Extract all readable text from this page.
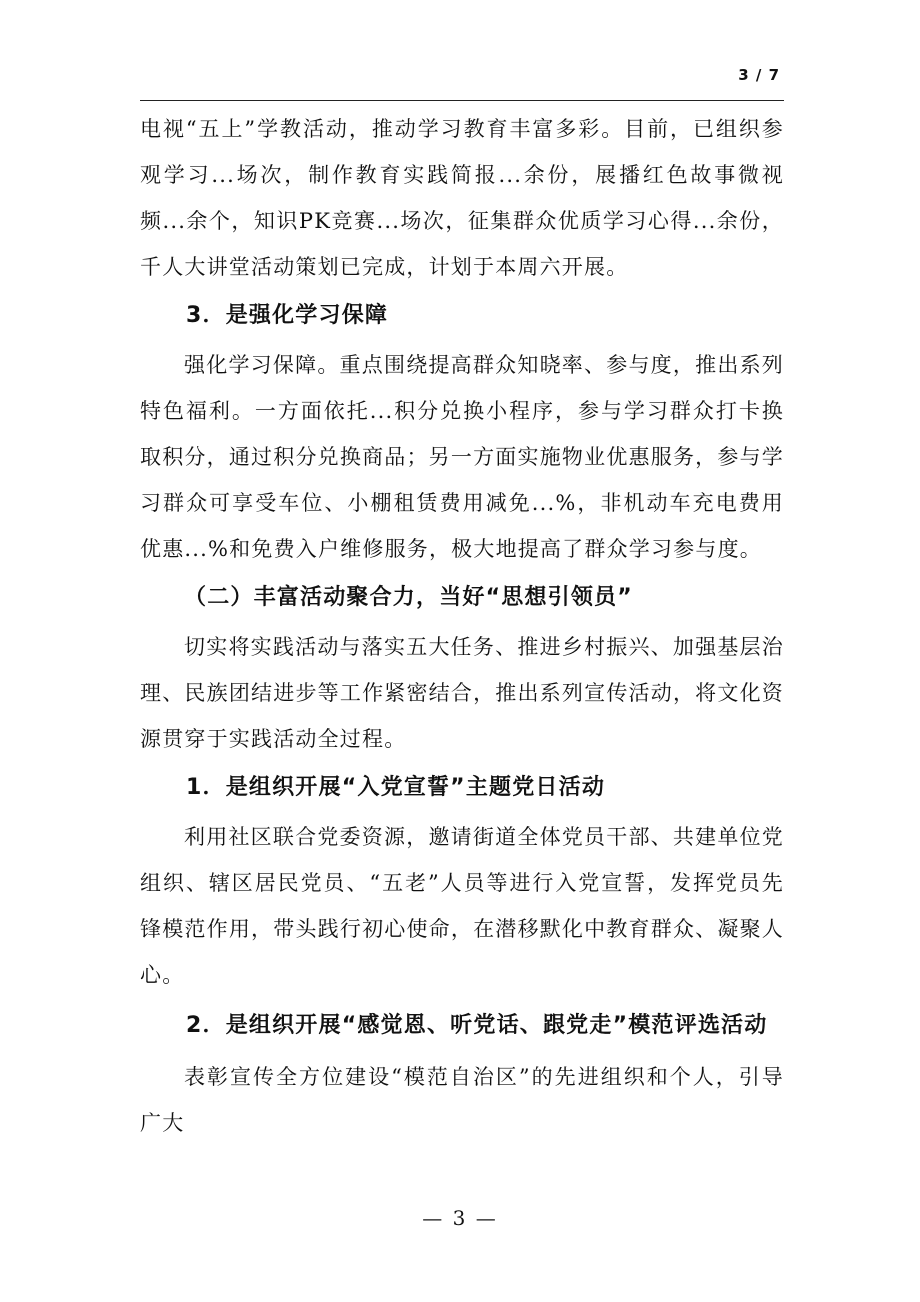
3 / 7

电视“五上”学教活动，推动学习教育丰富多彩。目前，已组织参观学习...场次，制作教育实践简报...余份，展播红色故事微视频...余个，知识PK竞赛...场次，征集群众优质学习心得...余份，千人大讲堂活动策划已完成，计划于本周六开展。

3．是强化学习保障

强化学习保障。重点围绕提高群众知晓率、参与度，推出系列特色福利。一方面依托...积分兑换小程序，参与学习群众打卡换取积分，通过积分兑换商品；另一方面实施物业优惠服务，参与学习群众可享受车位、小棚租赁费用减免...%，非机动车充电费用优惠...%和免费入户维修服务，极大地提高了群众学习参与度。

（二）丰富活动聚合力，当好“思想引领员”

切实将实践活动与落实五大任务、推进乡村振兴、加强基层治理、民族团结进步等工作紧密结合，推出系列宣传活动，将文化资源贯穿于实践活动全过程。

1．是组织开展“入党宣誓”主题党日活动

利用社区联合党委资源，邀请街道全体党员干部、共建单位党组织、辖区居民党员、“五老”人员等进行入党宣誓，发挥党员先锋模范作用，带头践行初心使命，在潜移默化中教育群众、凝聚人心。

2．是组织开展“感觉恩、听党话、跟党走”模范评选活动

表彰宣传全方位建设“模范自治区”的先进组织和个人，引导广大

— 3 —
